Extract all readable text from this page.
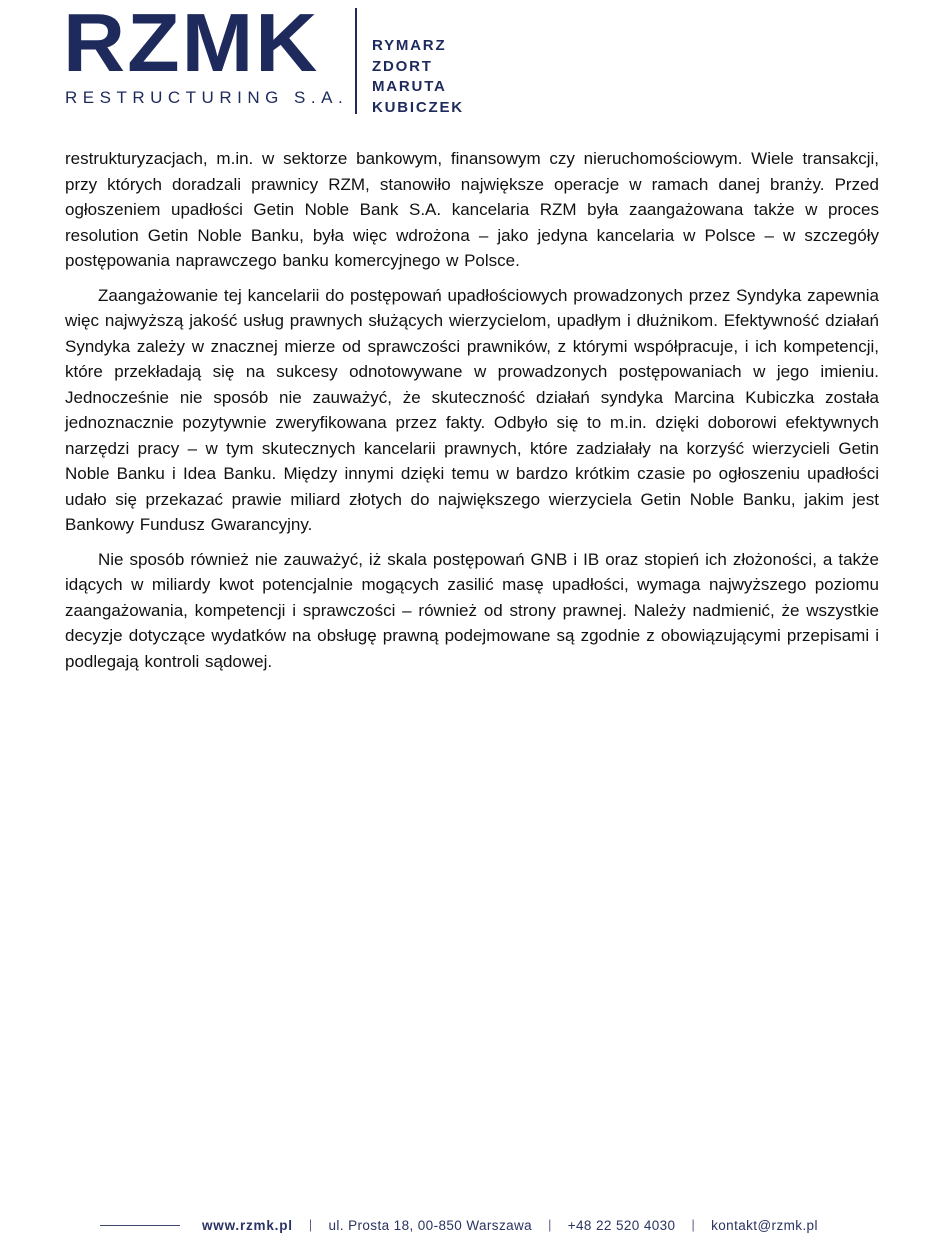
RZMK
RESTRUCTURING S.A.
RYMARZ
ZDORT
MARUTA
KUBICZEK

restrukturyzacjach, m.in. w sektorze bankowym, finansowym czy nieruchomościowym. Wiele transakcji, przy których doradzali prawnicy RZM, stanowiło największe operacje w ramach danej branży. Przed ogłoszeniem upadłości Getin Noble Bank S.A. kancelaria RZM była zaangażowana także w proces resolution Getin Noble Banku, była więc wdrożona – jako jedyna kancelaria w Polsce – w szczegóły postępowania naprawczego banku komercyjnego w Polsce.

Zaangażowanie tej kancelarii do postępowań upadłościowych prowadzonych przez Syndyka zapewnia więc najwyższą jakość usług prawnych służących wierzycielom, upadłym i dłużnikom. Efektywność działań Syndyka zależy w znacznej mierze od sprawczości prawników, z którymi współpracuje, i ich kompetencji, które przekładają się na sukcesy odnotowywane w prowadzonych postępowaniach w jego imieniu. Jednocześnie nie sposób nie zauważyć, że skuteczność działań syndyka Marcina Kubiczka została jednoznacznie pozytywnie zweryfikowana przez fakty. Odbyło się to m.in. dzięki doborowi efektywnych narzędzi pracy – w tym skutecznych kancelarii prawnych, które zadziałały na korzyść wierzycieli Getin Noble Banku i Idea Banku. Między innymi dzięki temu w bardzo krótkim czasie po ogłoszeniu upadłości udało się przekazać prawie miliard złotych do największego wierzyciela Getin Noble Banku, jakim jest Bankowy Fundusz Gwarancyjny.

Nie sposób również nie zauważyć, iż skala postępowań GNB i IB oraz stopień ich złożoności, a także idących w miliardy kwot potencjalnie mogących zasilić masę upadłości, wymaga najwyższego poziomu zaangażowania, kompetencji i sprawczości – również od strony prawnej. Należy nadmienić, że wszystkie decyzje dotyczące wydatków na obsługę prawną podejmowane są zgodnie z obowiązującymi przepisami i podlegają kontroli sądowej.

www.rzmk.pl	|	ul. Prosta 18, 00-850 Warszawa	|	+48 22 520 4030	|	kontakt@rzmk.pl
